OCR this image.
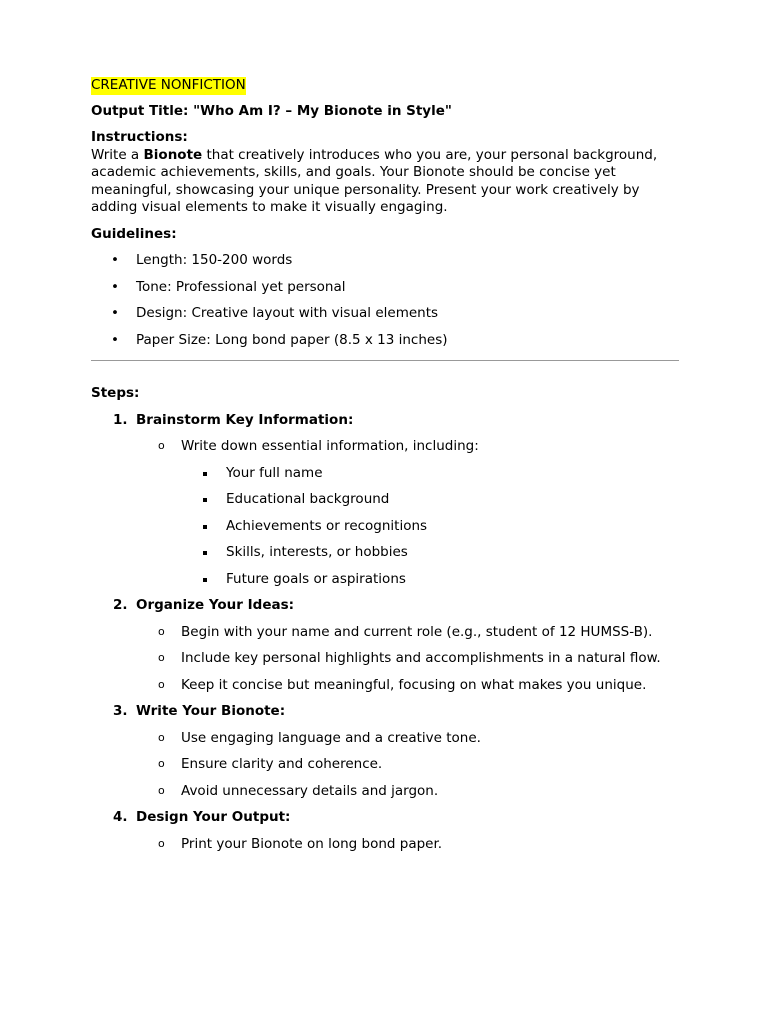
CREATIVE NONFICTION
Output Title: "Who Am I? – My Bionote in Style"
Instructions:
Write a Bionote that creatively introduces who you are, your personal background, academic achievements, skills, and goals. Your Bionote should be concise yet meaningful, showcasing your unique personality. Present your work creatively by adding visual elements to make it visually engaging.
Guidelines:
• Length: 150-200 words
• Tone: Professional yet personal
• Design: Creative layout with visual elements
• Paper Size: Long bond paper (8.5 x 13 inches)
Steps:
1. Brainstorm Key Information:
o Write down essential information, including:
Your full name
Educational background
Achievements or recognitions
Skills, interests, or hobbies
Future goals or aspirations
2. Organize Your Ideas:
o Begin with your name and current role (e.g., student of 12 HUMSS-B).
o Include key personal highlights and accomplishments in a natural flow.
o Keep it concise but meaningful, focusing on what makes you unique.
3. Write Your Bionote:
o Use engaging language and a creative tone.
o Ensure clarity and coherence.
o Avoid unnecessary details and jargon.
4. Design Your Output:
o Print your Bionote on long bond paper.
